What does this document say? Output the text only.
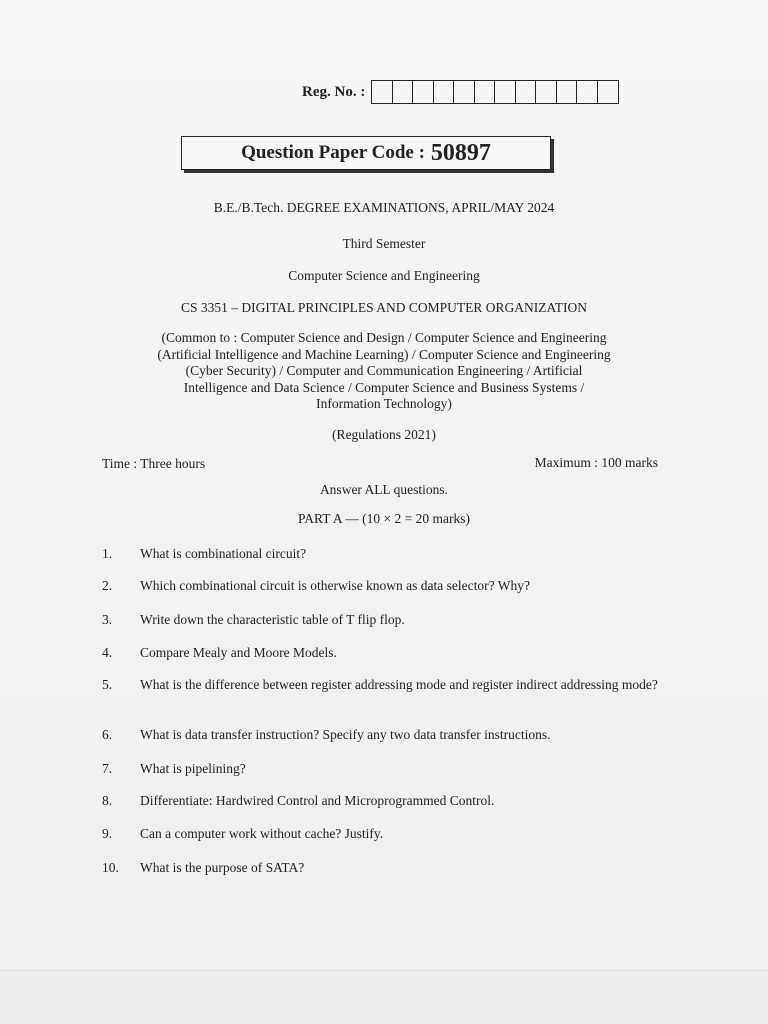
Reg. No. :
Question Paper Code : 50897
B.E./B.Tech. DEGREE EXAMINATIONS, APRIL/MAY 2024
Third Semester
Computer Science and Engineering
CS 3351 – DIGITAL PRINCIPLES AND COMPUTER ORGANIZATION
(Common to : Computer Science and Design / Computer Science and Engineering
(Artificial Intelligence and Machine Learning) / Computer Science and Engineering
(Cyber Security) / Computer and Communication Engineering / Artificial
Intelligence and Data Science / Computer Science and Business Systems /
Information Technology)
(Regulations 2021)
Time : Three hours	Maximum : 100 marks
Answer ALL questions.
PART A — (10 × 2 = 20 marks)
1.	What is combinational circuit?
2.	Which combinational circuit is otherwise known as data selector? Why?
3.	Write down the characteristic table of T flip flop.
4.	Compare Mealy and Moore Models.
5.	What is the difference between register addressing mode and register indirect addressing mode?
6.	What is data transfer instruction? Specify any two data transfer instructions.
7.	What is pipelining?
8.	Differentiate: Hardwired Control and Microprogrammed Control.
9.	Can a computer work without cache? Justify.
10.	What is the purpose of SATA?
